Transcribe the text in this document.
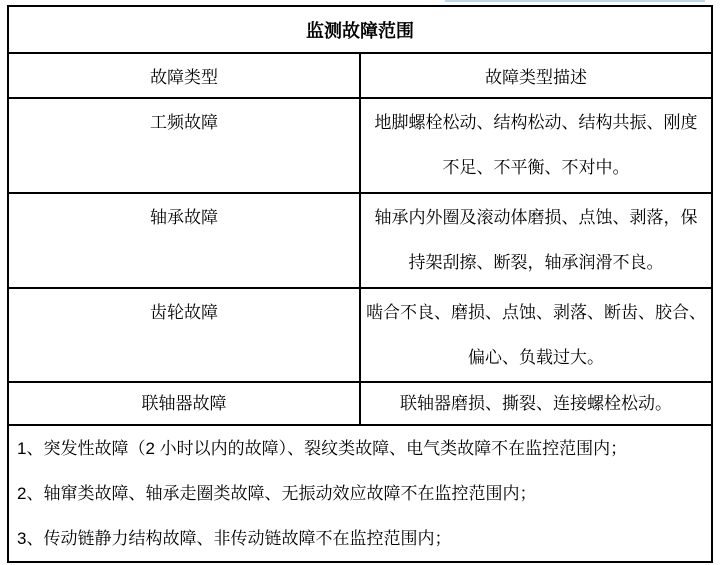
监测故障范围	
故障类型	故障类型描述

工频故障	地脚螺栓松动、结构松动、结构共振、刚度
不足、不平衡、不对中。

轴承故障	轴承内外圈及滚动体磨损、点蚀、剥落，保
持架刮擦、断裂，轴承润滑不良。

齿轮故障	啮合不良、磨损、点蚀、剥落、断齿、胶合、
偏心、负载过大。

联轴器故障	联轴器磨损、撕裂、连接螺栓松动。

1、突发性故障（2 小时以内的故障）、裂纹类故障、电气类故障不在监控范围内；
2、轴窜类故障、轴承走圈类故障、无振动效应故障不在监控范围内；
3、传动链静力结构故障、非传动链故障不在监控范围内；	
